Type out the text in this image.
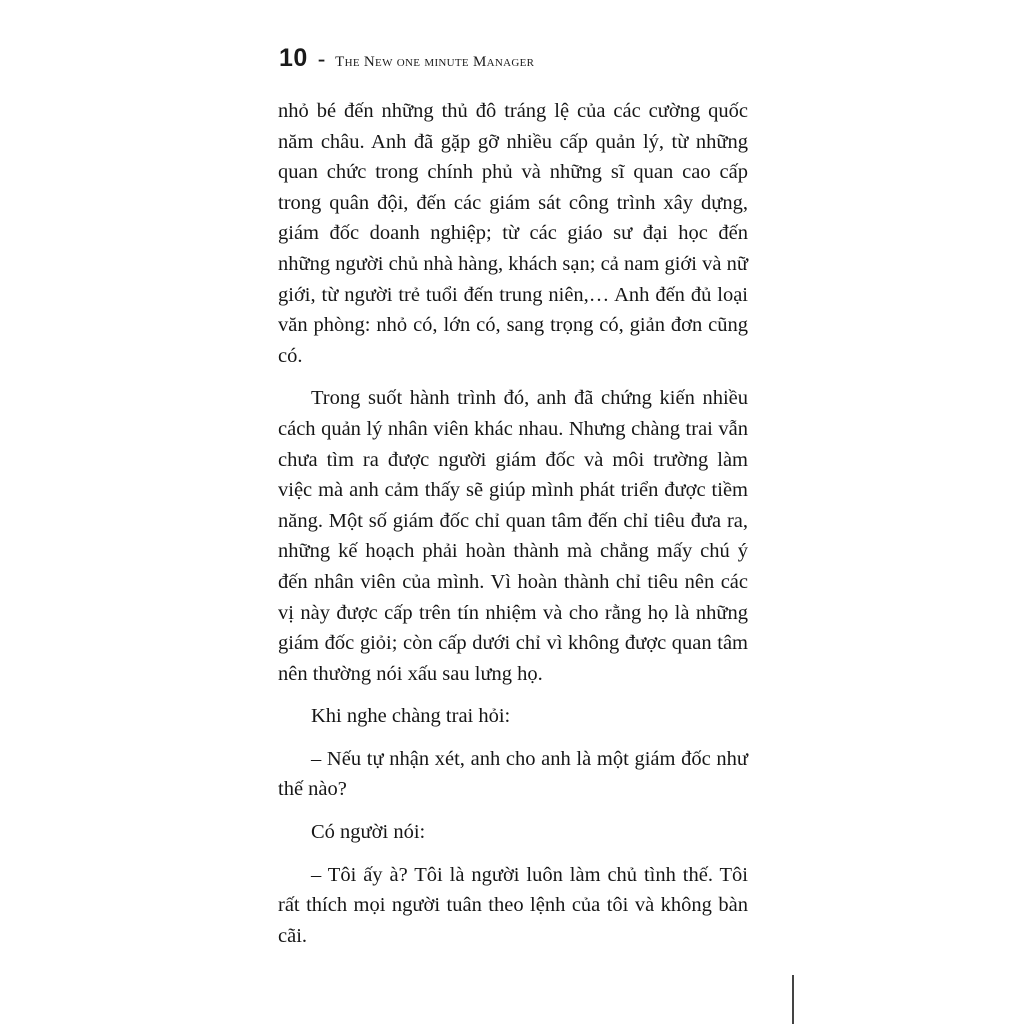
10 - The New one minute Manager

nhỏ bé đến những thủ đô tráng lệ của các cường quốc năm châu. Anh đã gặp gỡ nhiều cấp quản lý, từ những quan chức trong chính phủ và những sĩ quan cao cấp trong quân đội, đến các giám sát công trình xây dựng, giám đốc doanh nghiệp; từ các giáo sư đại học đến những người chủ nhà hàng, khách sạn; cả nam giới và nữ giới, từ người trẻ tuổi đến trung niên,… Anh đến đủ loại văn phòng: nhỏ có, lớn có, sang trọng có, giản đơn cũng có.

Trong suốt hành trình đó, anh đã chứng kiến nhiều cách quản lý nhân viên khác nhau. Nhưng chàng trai vẫn chưa tìm ra được người giám đốc và môi trường làm việc mà anh cảm thấy sẽ giúp mình phát triển được tiềm năng. Một số giám đốc chỉ quan tâm đến chỉ tiêu đưa ra, những kế hoạch phải hoàn thành mà chẳng mấy chú ý đến nhân viên của mình. Vì hoàn thành chỉ tiêu nên các vị này được cấp trên tín nhiệm và cho rằng họ là những giám đốc giỏi; còn cấp dưới chỉ vì không được quan tâm nên thường nói xấu sau lưng họ.

Khi nghe chàng trai hỏi:

– Nếu tự nhận xét, anh cho anh là một giám đốc như thế nào?

Có người nói:

– Tôi ấy à? Tôi là người luôn làm chủ tình thế. Tôi rất thích mọi người tuân theo lệnh của tôi và không bàn cãi.
